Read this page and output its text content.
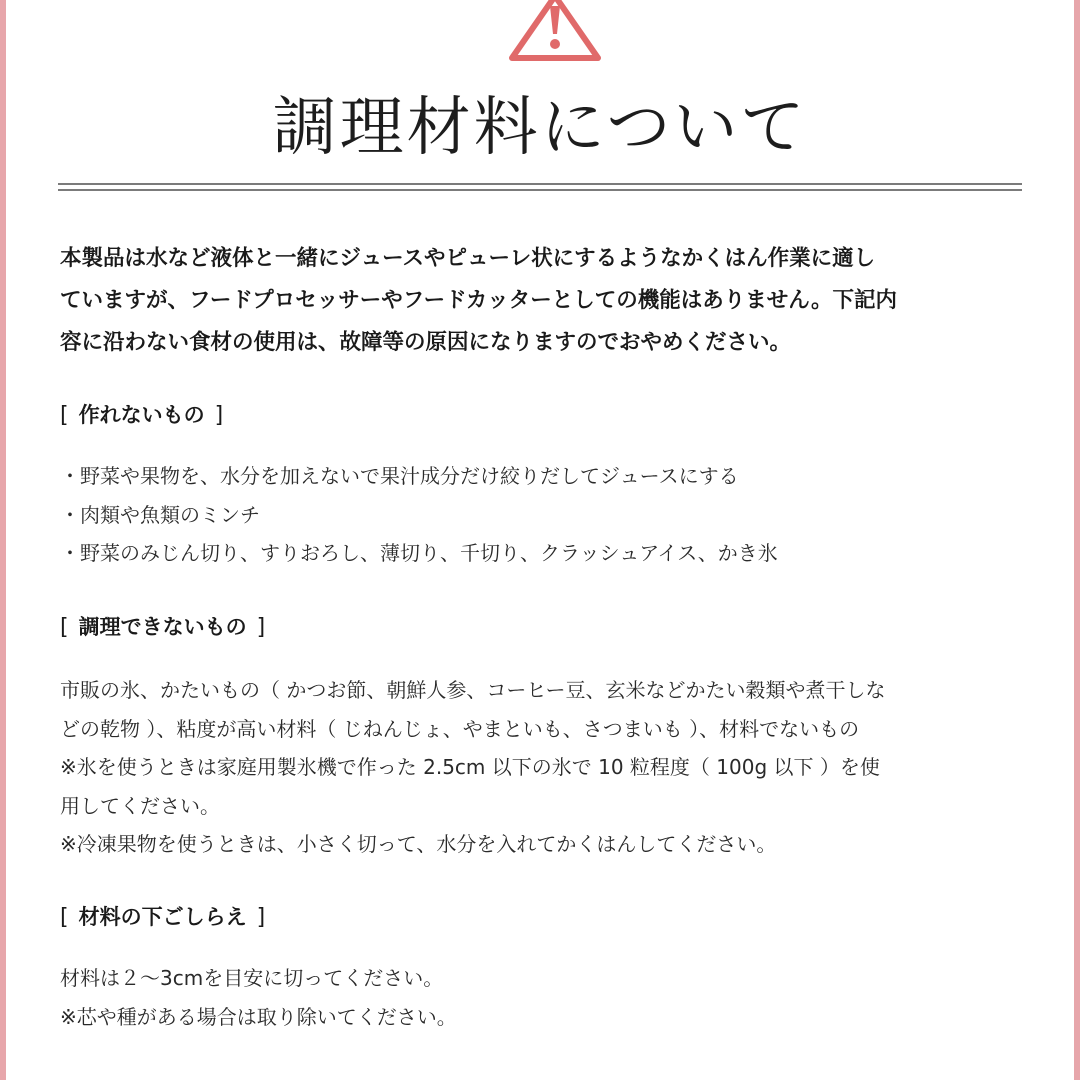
調理材料について
本製品は水など液体と一緒にジュースやピューレ状にするようなかくはん作業に適し
ていますが、フードプロセッサーやフードカッターとしての機能はありません。下記内
容に沿わない食材の使用は、故障等の原因になりますのでおやめください。
[ 作れないもの ]
・野菜や果物を、水分を加えないで果汁成分だけ絞りだしてジュースにする
・肉類や魚類のミンチ
・野菜のみじん切り、すりおろし、薄切り、千切り、クラッシュアイス、かき氷
[ 調理できないもの ]
市販の氷、かたいもの（ かつお節、朝鮮人参、コーヒー豆、玄米などかたい穀類や煮干しな
どの乾物 ）、粘度が高い材料（ じねんじょ、やまといも、さつまいも ）、材料でないもの
※氷を使うときは家庭用製氷機で作った 2.5cm 以下の氷で 10 粒程度（ 100g 以下 ）を使
用してください。
※冷凍果物を使うときは、小さく切って、水分を入れてかくはんしてください。
[ 材料の下ごしらえ ]
材料は２～3cmを目安に切ってください。
※芯や種がある場合は取り除いてください。
